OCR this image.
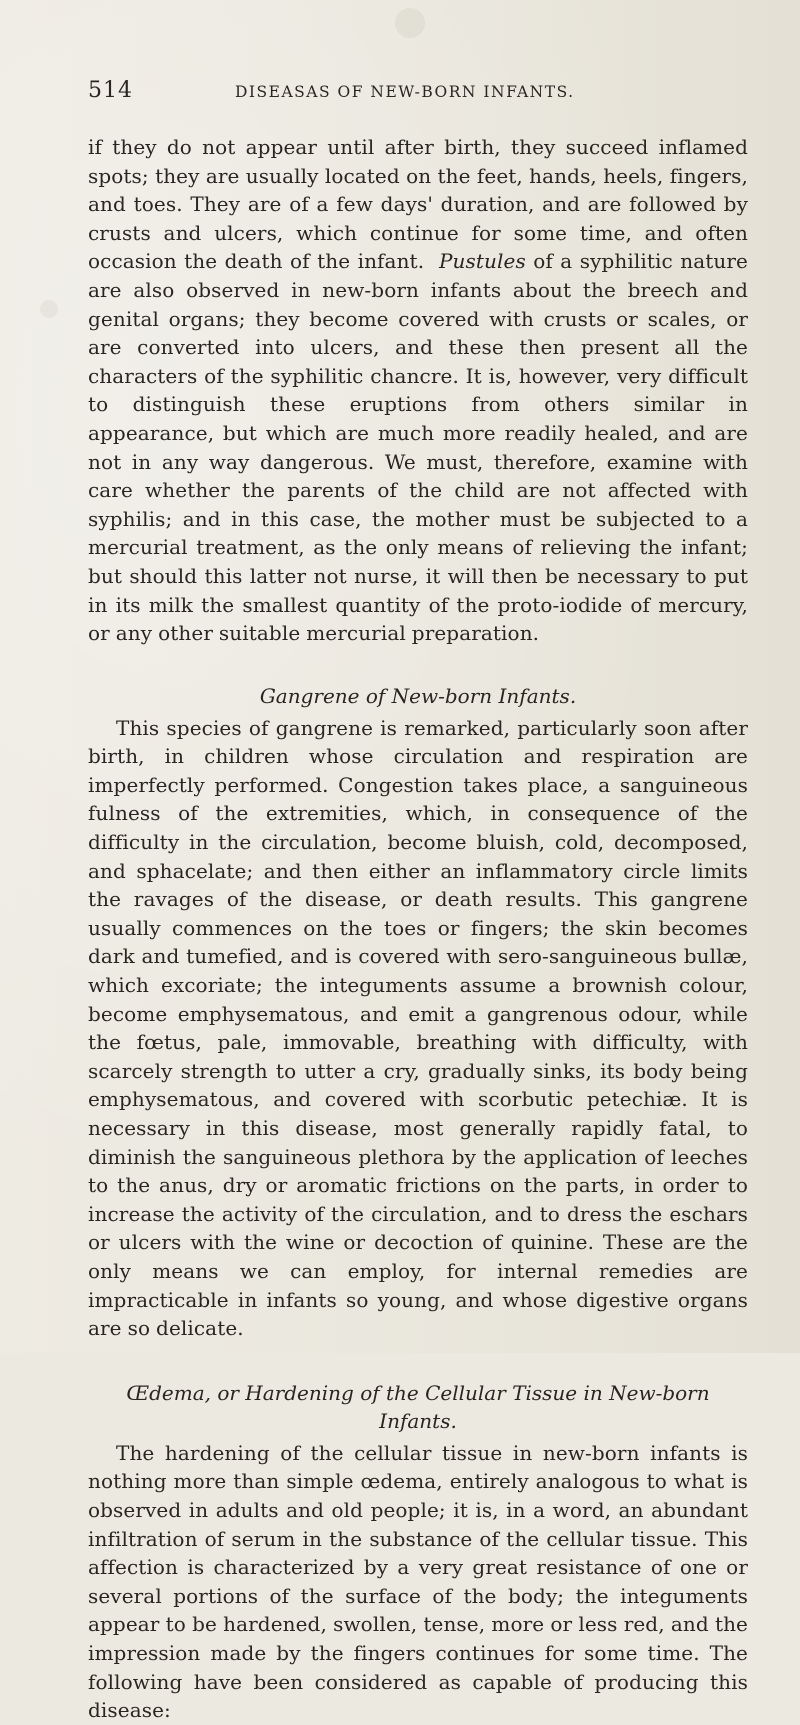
514	DISEASAS OF NEW-BORN INFANTS.

if they do not appear until after birth, they succeed inflamed spots; they are usually located on the feet, hands, heels, fingers, and toes. They are of a few days' duration, and are followed by crusts and ulcers, which continue for some time, and often occasion the death of the infant. Pustules of a syphilitic nature are also observed in new-born infants about the breech and genital organs; they become covered with crusts or scales, or are converted into ulcers, and these then present all the characters of the syphilitic chancre. It is, however, very difficult to distinguish these eruptions from others similar in appearance, but which are much more readily healed, and are not in any way dangerous. We must, therefore, examine with care whether the parents of the child are not affected with syphilis; and in this case, the mother must be subjected to a mercurial treatment, as the only means of relieving the infant; but should this latter not nurse, it will then be necessary to put in its milk the smallest quantity of the proto-iodide of mercury, or any other suitable mercurial preparation.

Gangrene of New-born Infants.

This species of gangrene is remarked, particularly soon after birth, in children whose circulation and respiration are imperfectly performed. Congestion takes place, a sanguineous fulness of the extremities, which, in consequence of the difficulty in the circulation, become bluish, cold, decomposed, and sphacelate; and then either an inflammatory circle limits the ravages of the disease, or death results. This gangrene usually commences on the toes or fingers; the skin becomes dark and tumefied, and is covered with sero-sanguineous bullæ, which excoriate; the integuments assume a brownish colour, become emphysematous, and emit a gangrenous odour, while the fœtus, pale, immovable, breathing with difficulty, with scarcely strength to utter a cry, gradually sinks, its body being emphysematous, and covered with scorbutic petechiæ. It is necessary in this disease, most generally rapidly fatal, to diminish the sanguineous plethora by the application of leeches to the anus, dry or aromatic frictions on the parts, in order to increase the activity of the circulation, and to dress the eschars or ulcers with the wine or decoction of quinine. These are the only means we can employ, for internal remedies are impracticable in infants so young, and whose digestive organs are so delicate.

Œdema, or Hardening of the Cellular Tissue in New-born Infants.

The hardening of the cellular tissue in new-born infants is nothing more than simple œdema, entirely analogous to what is observed in adults and old people; it is, in a word, an abundant infiltration of serum in the substance of the cellular tissue. This affection is characterized by a very great resistance of one or several portions of the surface of the body; the integuments appear to be hardened, swollen, tense, more or less red, and the impression made by the fingers continues for some time. The following have been considered as capable of producing this disease:
